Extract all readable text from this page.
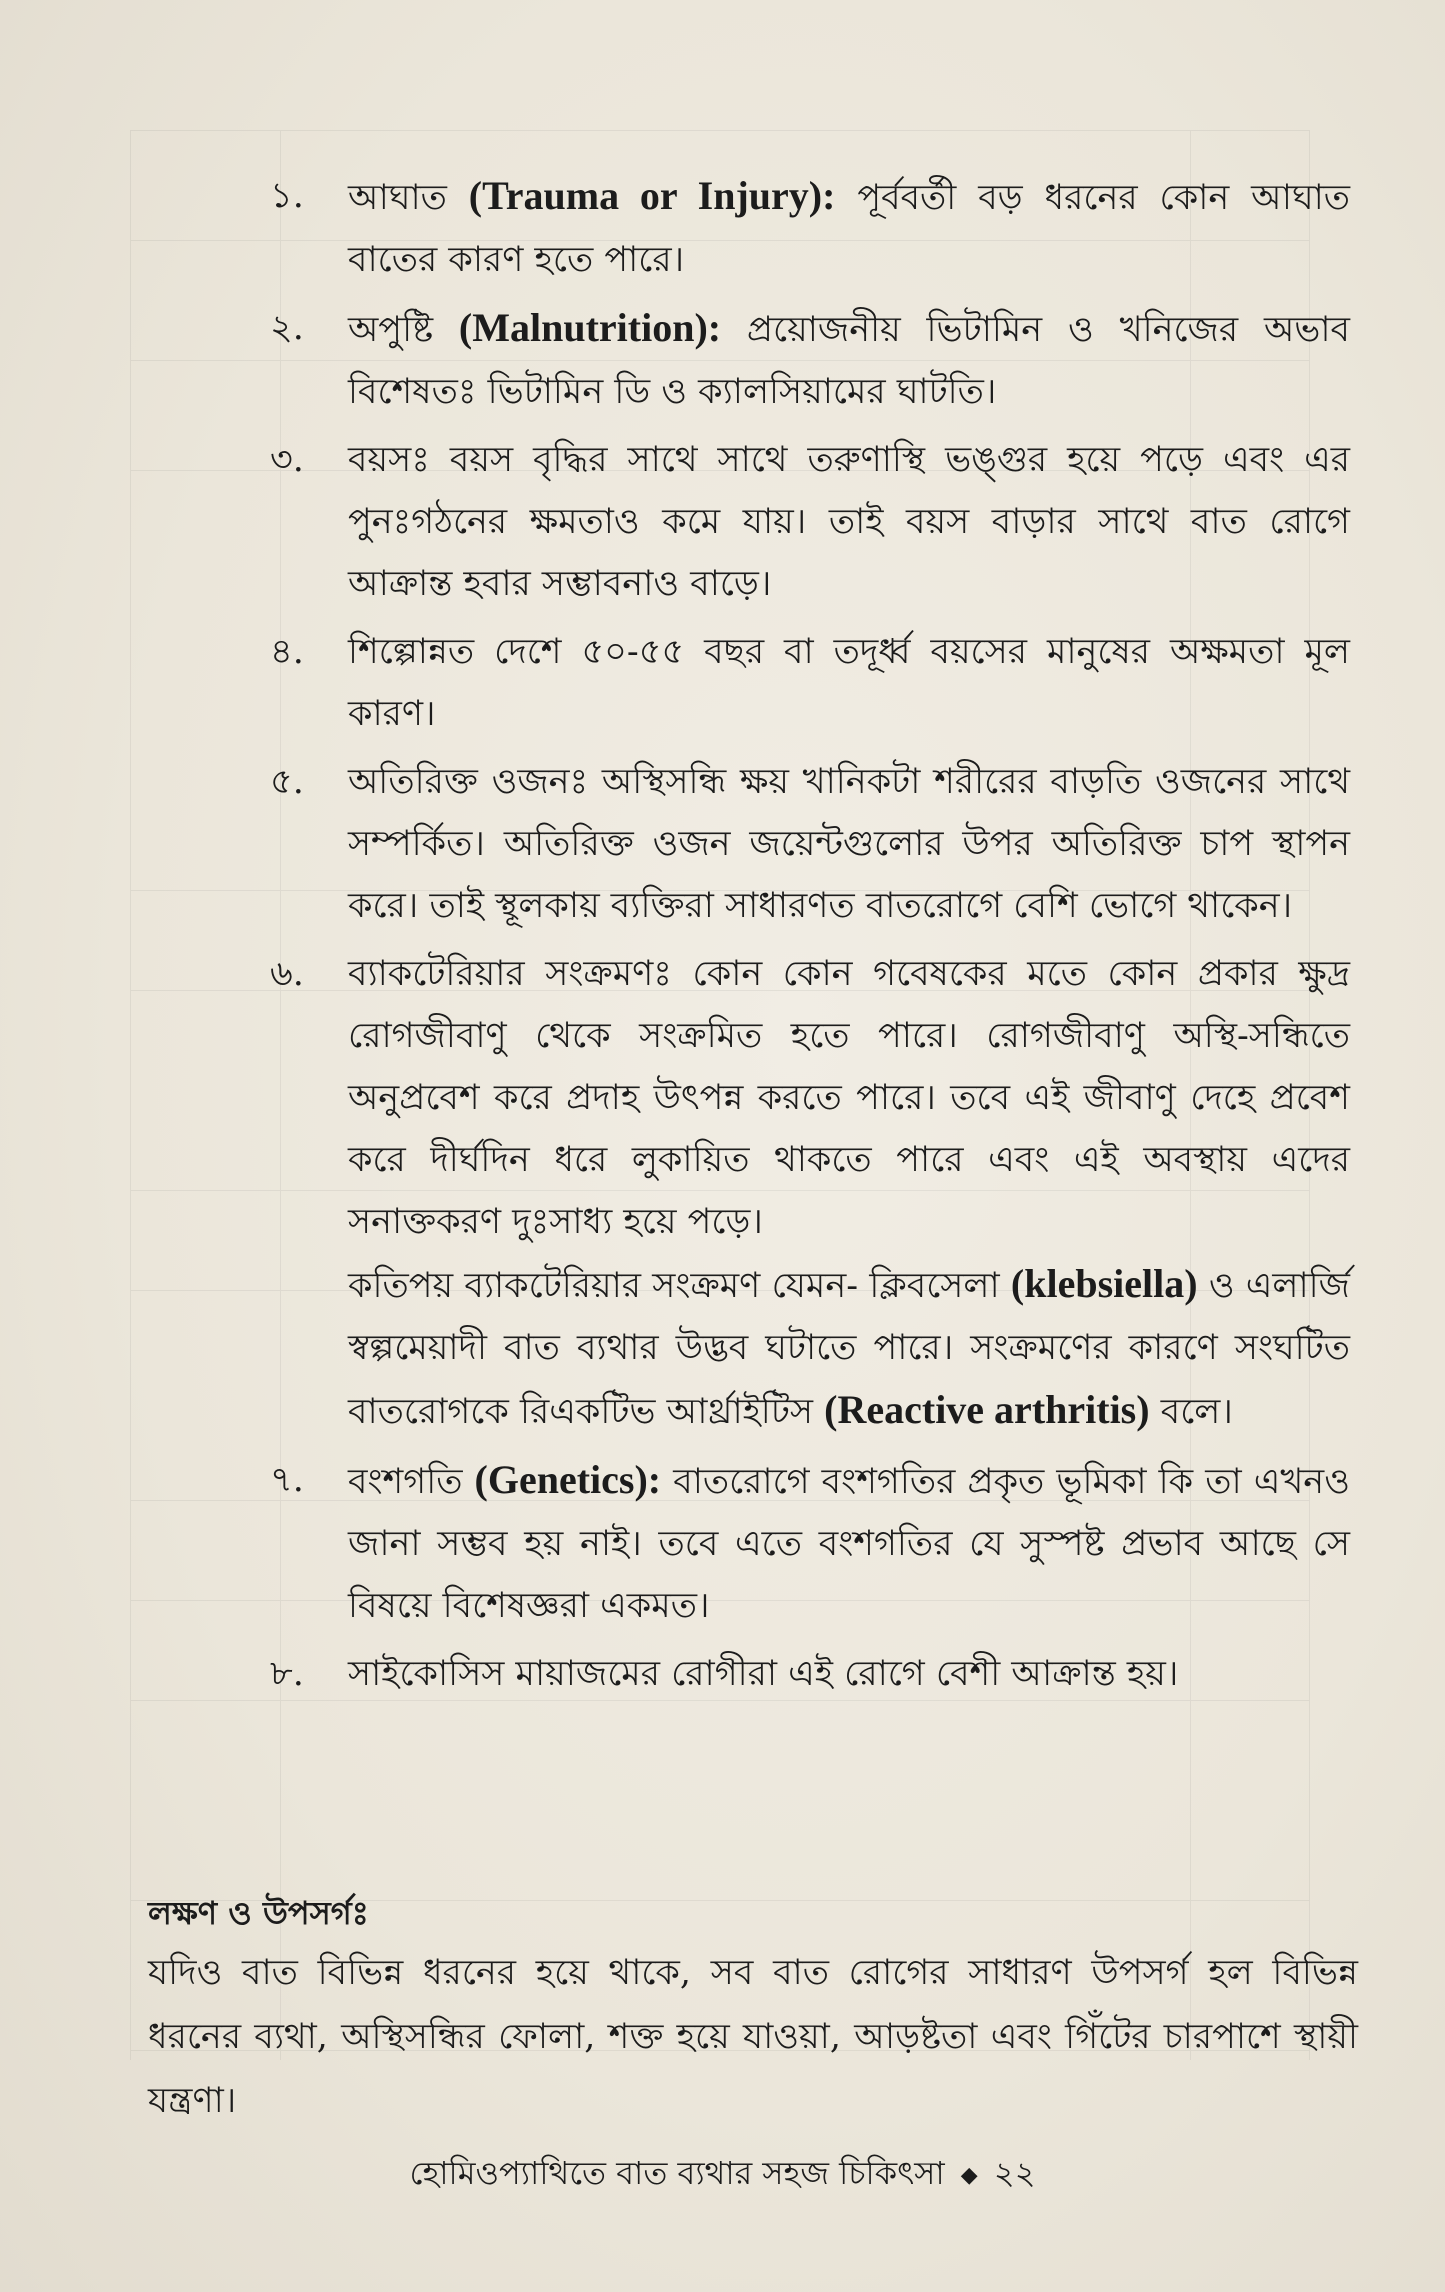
১. আঘাত (Trauma or Injury): পূর্ববর্তী বড় ধরনের কোন আঘাত বাতের কারণ হতে পারে।
২. অপুষ্টি (Malnutrition): প্রয়োজনীয় ভিটামিন ও খনিজের অভাব বিশেষতঃ ভিটামিন ডি ও ক্যালসিয়ামের ঘাটতি।
৩. বয়সঃ বয়স বৃদ্ধির সাথে সাথে তরুণাস্থি ভঙ্গুর হয়ে পড়ে এবং এর পুনঃগঠনের ক্ষমতাও কমে যায়। তাই বয়স বাড়ার সাথে বাত রোগে আক্রান্ত হবার সম্ভাবনাও বাড়ে।
৪. শিল্পোন্নত দেশে ৫০-৫৫ বছর বা তদূর্ধ্ব বয়সের মানুষের অক্ষমতা মূল কারণ।
৫. অতিরিক্ত ওজনঃ অস্থিসন্ধি ক্ষয় খানিকটা শরীরের বাড়তি ওজনের সাথে সম্পর্কিত। অতিরিক্ত ওজন জয়েন্টগুলোর উপর অতিরিক্ত চাপ স্থাপন করে। তাই স্থূলকায় ব্যক্তিরা সাধারণত বাতরোগে বেশি ভোগে থাকেন।
৬. ব্যাকটেরিয়ার সংক্রমণঃ কোন কোন গবেষকের মতে কোন প্রকার ক্ষুদ্র রোগজীবাণু থেকে সংক্রমিত হতে পারে। রোগজীবাণু অস্থি-সন্ধিতে অনুপ্রবেশ করে প্রদাহ উৎপন্ন করতে পারে। তবে এই জীবাণু দেহে প্রবেশ করে দীর্ঘদিন ধরে লুকায়িত থাকতে পারে এবং এই অবস্থায় এদের সনাক্তকরণ দুঃসাধ্য হয়ে পড়ে।
কতিপয় ব্যাকটেরিয়ার সংক্রমণ যেমন- ক্লিবসেলা (klebsiella) ও এলার্জি স্বল্পমেয়াদী বাত ব্যথার উদ্ভব ঘটাতে পারে। সংক্রমণের কারণে সংঘটিত বাতরোগকে রিএকটিভ আর্থ্রাইটিস (Reactive arthritis) বলে।
৭. বংশগতি (Genetics): বাতরোগে বংশগতির প্রকৃত ভূমিকা কি তা এখনও জানা সম্ভব হয় নাই। তবে এতে বংশগতির যে সুস্পষ্ট প্রভাব আছে সে বিষয়ে বিশেষজ্ঞরা একমত।
৮. সাইকোসিস মায়াজমের রোগীরা এই রোগে বেশী আক্রান্ত হয়।
লক্ষণ ও উপসর্গঃ
যদিও বাত বিভিন্ন ধরনের হয়ে থাকে, সব বাত রোগের সাধারণ উপসর্গ হল বিভিন্ন ধরনের ব্যথা, অস্থিসন্ধির ফোলা, শক্ত হয়ে যাওয়া, আড়ষ্টতা এবং গিঁটের চারপাশে স্থায়ী যন্ত্রণা।
হোমিওপ্যাথিতে বাত ব্যথার সহজ চিকিৎসা ◆ ২২
